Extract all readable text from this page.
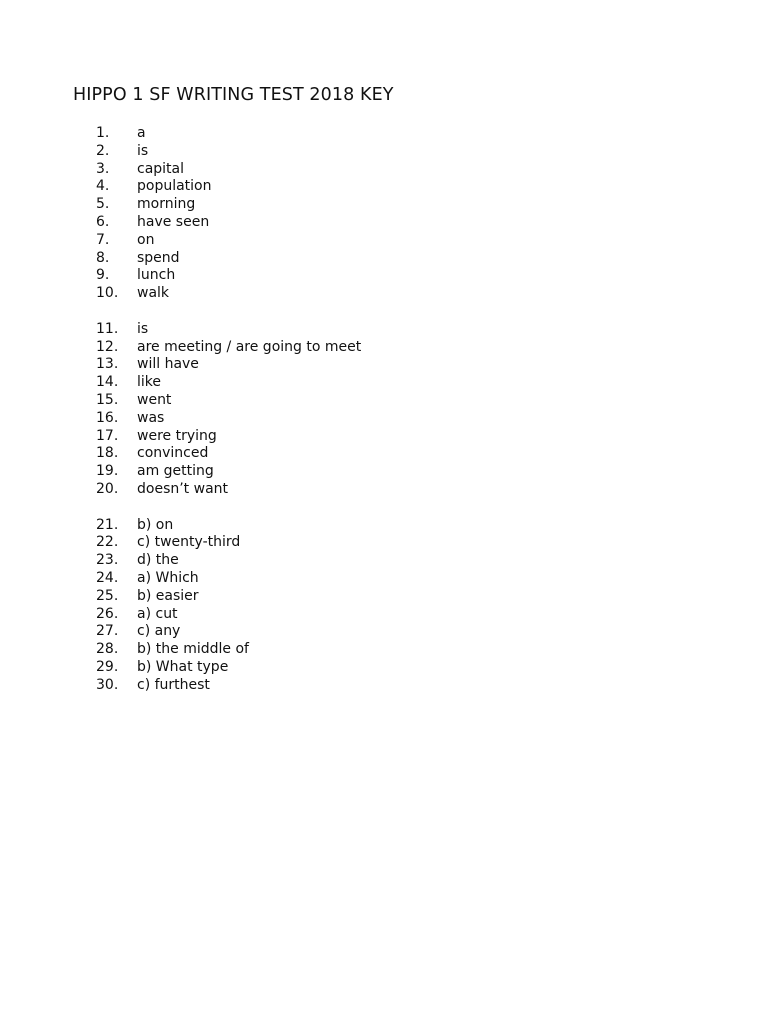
HIPPO 1 SF WRITING TEST 2018 KEY
1. a
2. is
3. capital
4. population
5. morning
6. have seen
7. on
8. spend
9. lunch
10. walk
11. is
12. are meeting / are going to meet
13. will have
14. like
15. went
16. was
17. were trying
18. convinced
19. am getting
20. doesn’t want
21. b) on
22. c) twenty-third
23. d) the
24. a) Which
25. b) easier
26. a) cut
27. c) any
28. b) the middle of
29. b) What type
30. c) furthest
